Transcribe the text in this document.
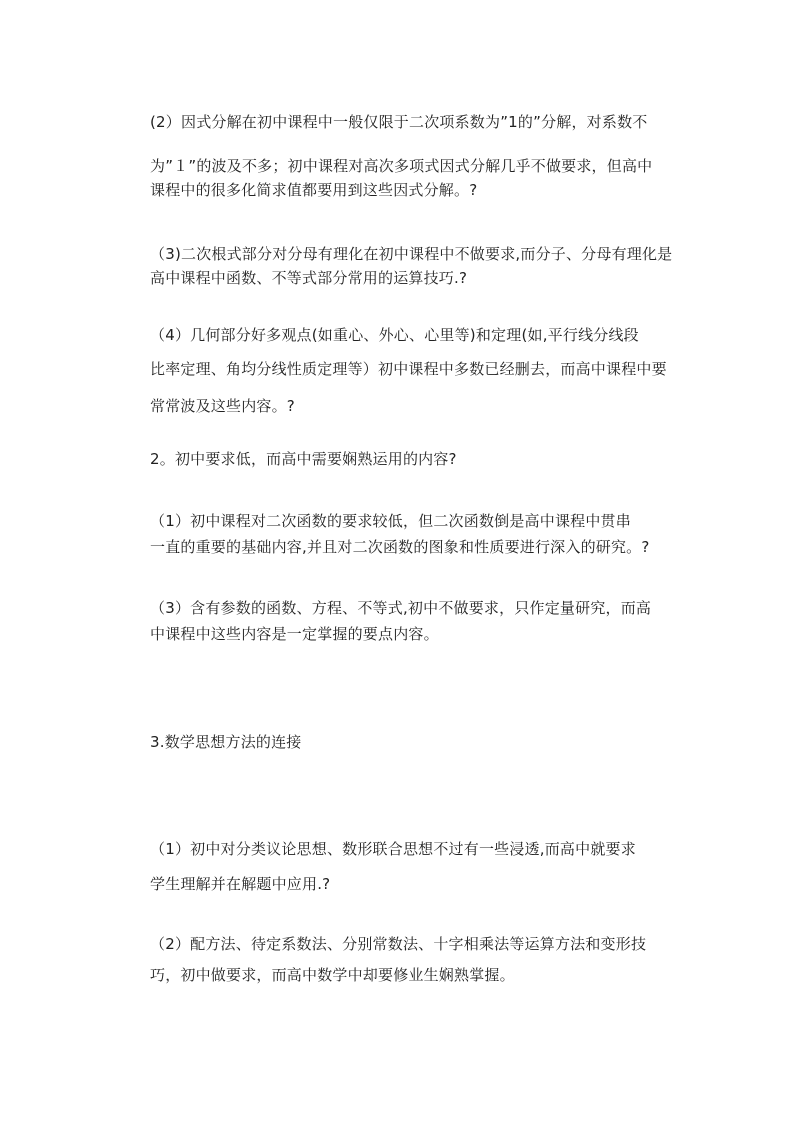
(2）因式分解在初中课程中一般仅限于二次项系数为”1的”分解，对系数不
为”１”的波及不多；初中课程对高次多项式因式分解几乎不做要求，但高中
课程中的很多化简求值都要用到这些因式分解。?
（3)二次根式部分对分母有理化在初中课程中不做要求,而分子、分母有理化是
高中课程中函数、不等式部分常用的运算技巧.?
（4）几何部分好多观点(如重心、外心、心里等)和定理(如,平行线分线段
比率定理、角均分线性质定理等）初中课程中多数已经删去，而高中课程中要
常常波及这些内容。?
2。初中要求低，而高中需要娴熟运用的内容?
（1）初中课程对二次函数的要求较低，但二次函数倒是高中课程中贯串
一直的重要的基础内容,并且对二次函数的图象和性质要进行深入的研究。?
（3）含有参数的函数、方程、不等式,初中不做要求，只作定量研究，而高
中课程中这些内容是一定掌握的要点内容。
3.数学思想方法的连接
（1）初中对分类议论思想、数形联合思想不过有一些浸透,而高中就要求
学生理解并在解题中应用.?
（2）配方法、待定系数法、分别常数法、十字相乘法等运算方法和变形技
巧，初中做要求，而高中数学中却要修业生娴熟掌握。
